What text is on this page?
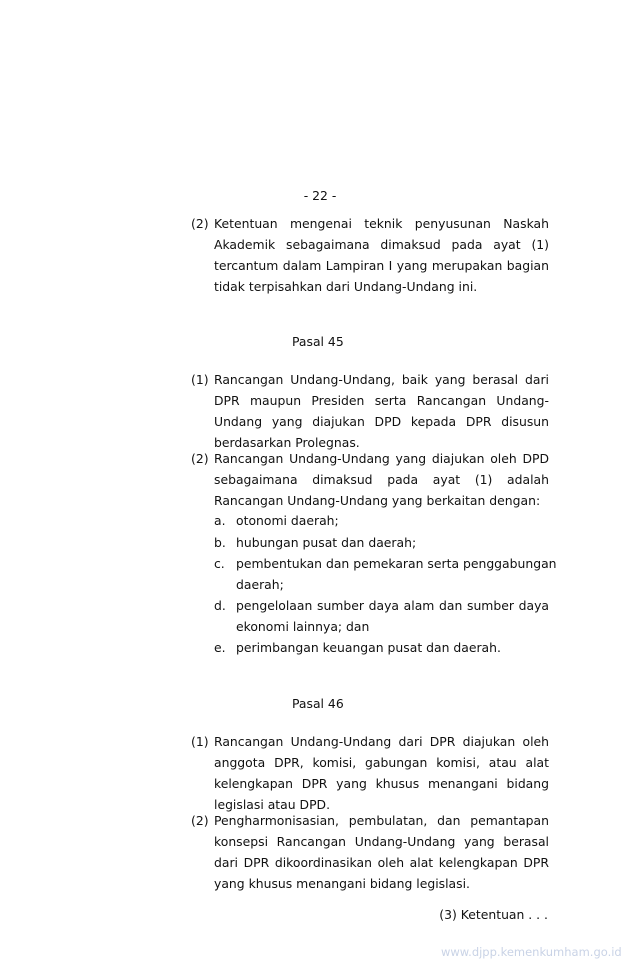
- 22 -
(2) Ketentuan mengenai teknik penyusunan Naskah
Akademik sebagaimana dimaksud pada ayat (1)
tercantum dalam Lampiran I yang merupakan bagian
tidak terpisahkan dari Undang-Undang ini.
Pasal 45
(1) Rancangan Undang-Undang, baik yang berasal dari
DPR maupun Presiden serta Rancangan Undang-
Undang yang diajukan DPD kepada DPR disusun
berdasarkan Prolegnas.
(2) Rancangan Undang-Undang yang diajukan oleh DPD
sebagaimana dimaksud pada ayat (1) adalah
Rancangan Undang-Undang yang berkaitan dengan:
a. otonomi daerah;
b. hubungan pusat dan daerah;
c. pembentukan dan pemekaran serta penggabungan
daerah;
d. pengelolaan sumber daya alam dan sumber daya
ekonomi lainnya; dan
e. perimbangan keuangan pusat dan daerah.
Pasal 46
(1) Rancangan Undang-Undang dari DPR diajukan oleh
anggota DPR, komisi, gabungan komisi, atau alat
kelengkapan DPR yang khusus menangani bidang
legislasi atau DPD.
(2) Pengharmonisasian, pembulatan, dan pemantapan
konsepsi Rancangan Undang-Undang yang berasal
dari DPR dikoordinasikan oleh alat kelengkapan DPR
yang khusus menangani bidang legislasi.
(3) Ketentuan . . .
www.djpp.kemenkumham.go.id
